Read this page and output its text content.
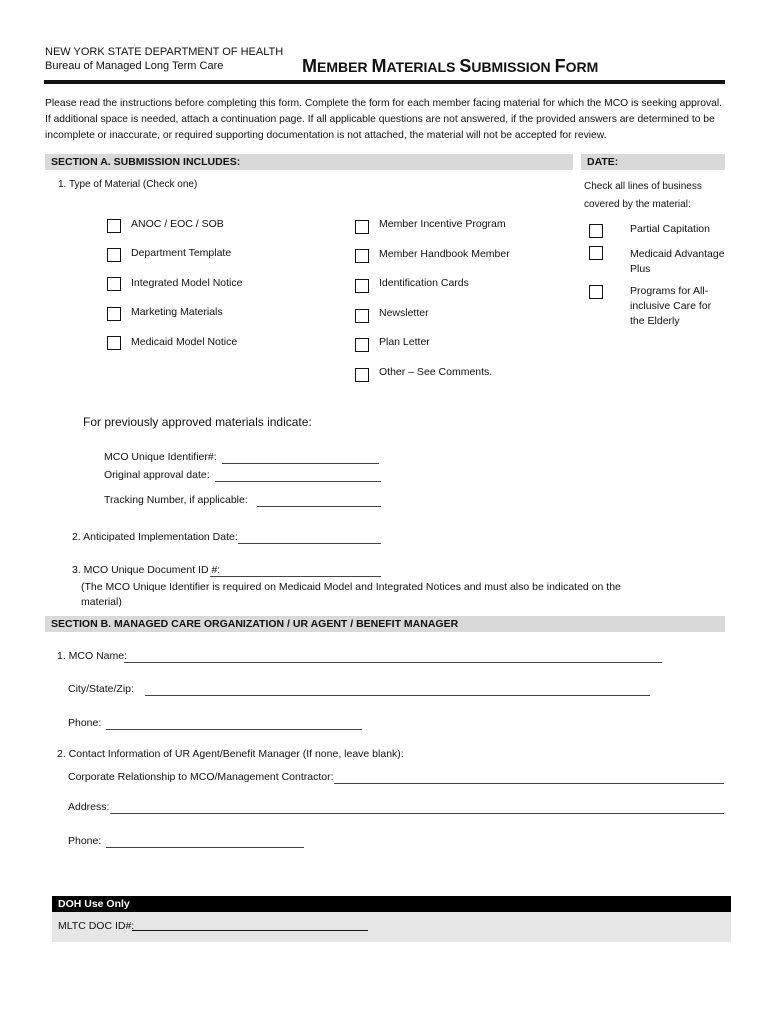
NEW YORK STATE DEPARTMENT OF HEALTH
Bureau of Managed Long Term Care	MEMBER MATERIALS SUBMISSION FORM
Please read the instructions before completing this form. Complete the form for each member facing material for which the MCO is seeking approval. If additional space is needed, attach a continuation page. If all applicable questions are not answered, if the provided answers are determined to be incomplete or inaccurate, or required supporting documentation is not attached, the material will not be accepted for review.
SECTION A. SUBMISSION INCLUDES:	DATE:
1. Type of Material (Check one)	Check all lines of business covered by the material:
ANOC / EOC / SOB
Department Template
Integrated Model Notice
Marketing Materials
Medicaid Model Notice
Member Incentive Program
Member Handbook Member
Identification Cards
Newsletter
Plan Letter
Other – See Comments.
Partial Capitation
Medicaid Advantage Plus
Programs for All-inclusive Care for the Elderly
For previously approved materials indicate:
MCO Unique Identifier#:
Original approval date:
Tracking Number, if applicable:
2. Anticipated Implementation Date:
3. MCO Unique Document ID #:
(The MCO Unique Identifier is required on Medicaid Model and Integrated Notices and must also be indicated on the material)
SECTION B. MANAGED CARE ORGANIZATION / UR AGENT / BENEFIT MANAGER
1. MCO Name:
City/State/Zip:
Phone:
2. Contact Information of UR Agent/Benefit Manager (If none, leave blank):
Corporate Relationship to MCO/Management Contractor:
Address:
Phone:
DOH Use Only
MLTC DOC ID#:
